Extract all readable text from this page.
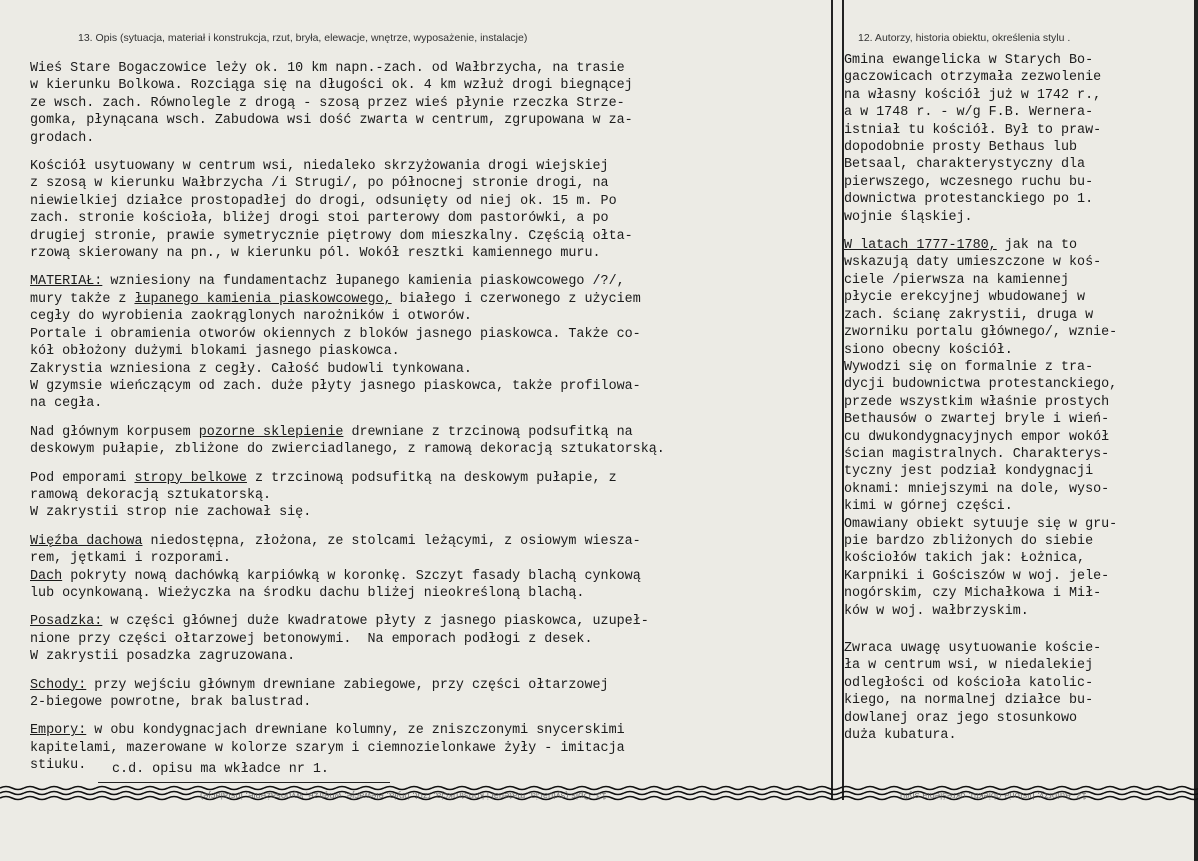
13. Opis (sytuacja, materiał i konstrukcja, rzut, bryła, elewacje, wnętrze, wyposażenie, instalacje)	12. Autorzy, historia obiektu, określenia stylu .
Wieś Stare Bogaczowice leży ok. 10 km napn.-zach. od Wałbrzycha, na trasie
w kierunku Bolkowa. Rozciąga się na długości ok. 4 km wzłuż drogi biegnącej
ze wsch. zach. Równolegle z drogą - szosą przez wieś płynie rzeczka Strze-
gomka, płynącana wsch. Zabudowa wsi dość zwarta w centrum, zgrupowana w za-
grodach.
Kościół usytuowany w centrum wsi, niedaleko skrzyżowania drogi wiejskiej
z szosą w kierunku Wałbrzycha /i Strugi/, po północnej stronie drogi, na
niewielkiej działce prostopadłej do drogi, odsunięty od niej ok. 15 m. Po
zach. stronie kościoła, bliżej drogi stoi parterowy dom pastorówki, a po
drugiej stronie, prawie symetrycznie piętrowy dom mieszkalny. Częścią ołta-
rzową skierowany na pn., w kierunku pól. Wokół resztki kamiennego muru.
MATERIAŁ: wzniesiony na fundamentachz łupanego kamienia piaskowcowego /?/,
mury także z łupanego kamienia piaskowcowego, białego i czerwonego z użyciem
cegły do wyrobienia zaokrąglonych narożników i otworów.
Portale i obramienia otworów okiennych z bloków jasnego piaskowca. Także co-
kół obłożony dużymi blokami jasnego piaskowca.
Zakrystia wzniesiona z cegły. Całość budowli tynkowana.
W gzymsie wieńczącym od zach. duże płyty jasnego piaskowca, także profilowa-
na cegła.
Nad głównym korpusem pozorne sklepienie drewniane z trzcinową podsufitką na
deskowym pułapie, zbliżone do zwierciadlanego, z ramową dekoracją sztukatorską.
Pod emporami stropy belkowe z trzcinową podsufitką na deskowym pułapie, z
ramową dekoracją sztukatorską.
W zakrystii strop nie zachował się.
Więźba dachowa niedostępna, złożona, ze stolcami leżącymi, z osiowym wieszа-
rem, jętkami i rozporami.
Dach pokryty nową dachówką karpiówką w koronkę. Szczyt fasady blachą cynkową
lub ocynkowaną. Wieżyczka na środku dachu bliżej nieokreśloną blachą.
Posadzka: w części głównej duże kwadratowe płyty z jasnego piaskowca, uzupeł-
nione przy części ołtarzowej betonowymi.  Na emporach podłogi z desek.
W zakrystii posadzka zagruzowana.
Schody: przy wejściu głównym drewniane zabiegowe, przy części ołtarzowej
2-biegowe powrotne, brak balustrad.
Empory: w obu kondygnacjach drewniane kolumny, ze zniszczonymi snycerskimi
kapitelami, mazerowane w kolorze szarym i ciemnozielonkawe żyły - imitacja
stiuku.	c.d. opisu ma wkładce nr 1.
Gmina ewangelicka w Starych Bo-
gaczowicach otrzymała zezwolenie
na własny kościół już w 1742 r.,
a w 1748 r. - w/g F.B. Wernera-
istniał tu kościół. Był to praw-
dopodobnie prosty Bethaus lub
Betsaal, charakterystyczny dla
pierwszego, wczesnego ruchu bu-
downictwa protestanckiego po 1.
wojnie śląskiej.
W latach 1777-1780, jak na to
wskazują daty umieszczone w koś-
ciele /pierwsza na kamiennej
płycie erekcyjnej wbudowanej w
zach. ścianę zakrystii, druga w
zworniku portalu głównego/, wznie-
siono obecny kościół.
Wywodzi się on formalnie z tra-
dycji budownictwa protestanckiego,
przede wszystkim właśnie prostych
Bethausów o zwartej bryle i wień-
cu dwukondygnacyjnych empor wokół
ścian magistralnych. Charakterys-
tyczny jest podział kondygnacji
oknami: mniejszymi na dole, wyso-
kimi w górnej części.
Omawiany obiekt sytuuje się w gru-
pie bardzo zbliżonych do siebie
kościołów takich jak: Łożnica,
Karpniki i Gościszów w woj. jele-
nogórskim, czy Michałkowa i Mił-
ków w woj. wałbrzyskim.
Zwraca uwagę usytuowanie koście-
ła w centrum wsi, w niedalekiej
odległości od kościoła katolic-
kiego, na normalnej działce bu-
dowlanej oraz jego stosunkowo
duża kubatura.
13. Opis (sytuacja, materiał i konstrukcja, rzut, bryła, elewacje, wnętrze, wyposażenie, instalacje)	12. Autorzy, historia obiektu, określenia stylu
